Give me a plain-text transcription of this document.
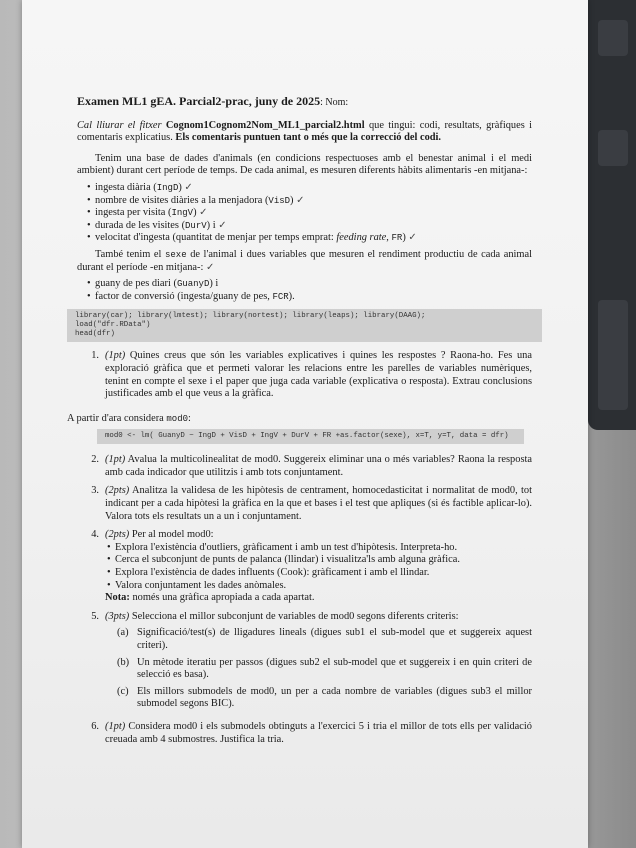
Examen ML1 gEA. Parcial2-prac, juny de 2025: Nom:

Cal lliurar el fitxer Cognom1Cognom2Nom_ML1_parcial2.html que tingui: codi, resultats, gràfiques i comentaris explicatius. Els comentaris puntuen tant o més que la correcció del codi.

Tenim una base de dades d'animals (en condicions respectuoses amb el benestar animal i el medi ambient) durant cert període de temps. De cada animal, es mesuren diferents hàbits alimentaris -en mitjana-:

• ingesta diària (IngD) ✓
• nombre de visites diàries a la menjadora (VisD) ✓
• ingesta per visita (IngV) ✓
• durada de les visites (DurV) i ✓
• velocitat d'ingesta (quantitat de menjar per temps emprat: feeding rate, FR) ✓

També tenim el sexe de l'animal i dues variables que mesuren el rendiment productiu de cada animal durant el període -en mitjana-: ✓

• guany de pes diari (GuanyD) i
• factor de conversió (ingesta/guany de pes, FCR).
library(car); library(lmtest); library(nortest); library(leaps); library(DAAG);
load("dfr.RData")
head(dfr)
1. (1pt) Quines creus que són les variables explicatives i quines les respostes ? Raona-ho. Fes una exploració gràfica que et permeti valorar les relacions entre les parelles de variables numèriques, tenint en compte el sexe i el paper que juga cada variable (explicativa o resposta). Extrau conclusions justificades amb el que veus a la gràfica.

A partir d'ara considera mod0:

mod0 <- lm( GuanyD ~ IngD + VisD + IngV + DurV + FR +as.factor(sexe), x=T, y=T, data = dfr)
2. (1pt) Avalua la multicolinealitat de mod0. Suggereix eliminar una o més variables? Raona la resposta amb cada indicador que utilitzis i amb tots conjuntament.
3. (2pts) Analitza la validesa de les hipòtesis de centrament, homocedasticitat i normalitat de mod0, tot indicant per a cada hipòtesi la gràfica en la que et bases i el test que apliques (si és factible aplicar-lo). Valora tots els resultats un a un i conjuntament.
4. (2pts) Per al model mod0:
• Explora l'existència d'outliers, gràficament i amb un test d'hipòtesis. Interpreta-ho.
• Cerca el subconjunt de punts de palanca (llindar) i visualitza'ls amb alguna gràfica.
• Explora l'existència de dades influents (Cook): gràficament i amb el llindar.
• Valora conjuntament les dades anòmales.
Nota: només una gràfica apropiada a cada apartat.
5. (3pts) Selecciona el millor subconjunt de variables de mod0 segons diferents criteris:
(a) Significació/test(s) de lligadures lineals (digues sub1 el sub-model que et suggereix aquest criteri).
(b) Un mètode iteratiu per passos (digues sub2 el sub-model que et suggereix i en quin criteri de selecció es basa).
(c) Els millors submodels de mod0, un per a cada nombre de variables (digues sub3 el millor submodel segons BIC).
6. (1pt) Considera mod0 i els submodels obtinguts a l'exercici 5 i tria el millor de tots ells per validació creuada amb 4 submostres. Justifica la tria.
